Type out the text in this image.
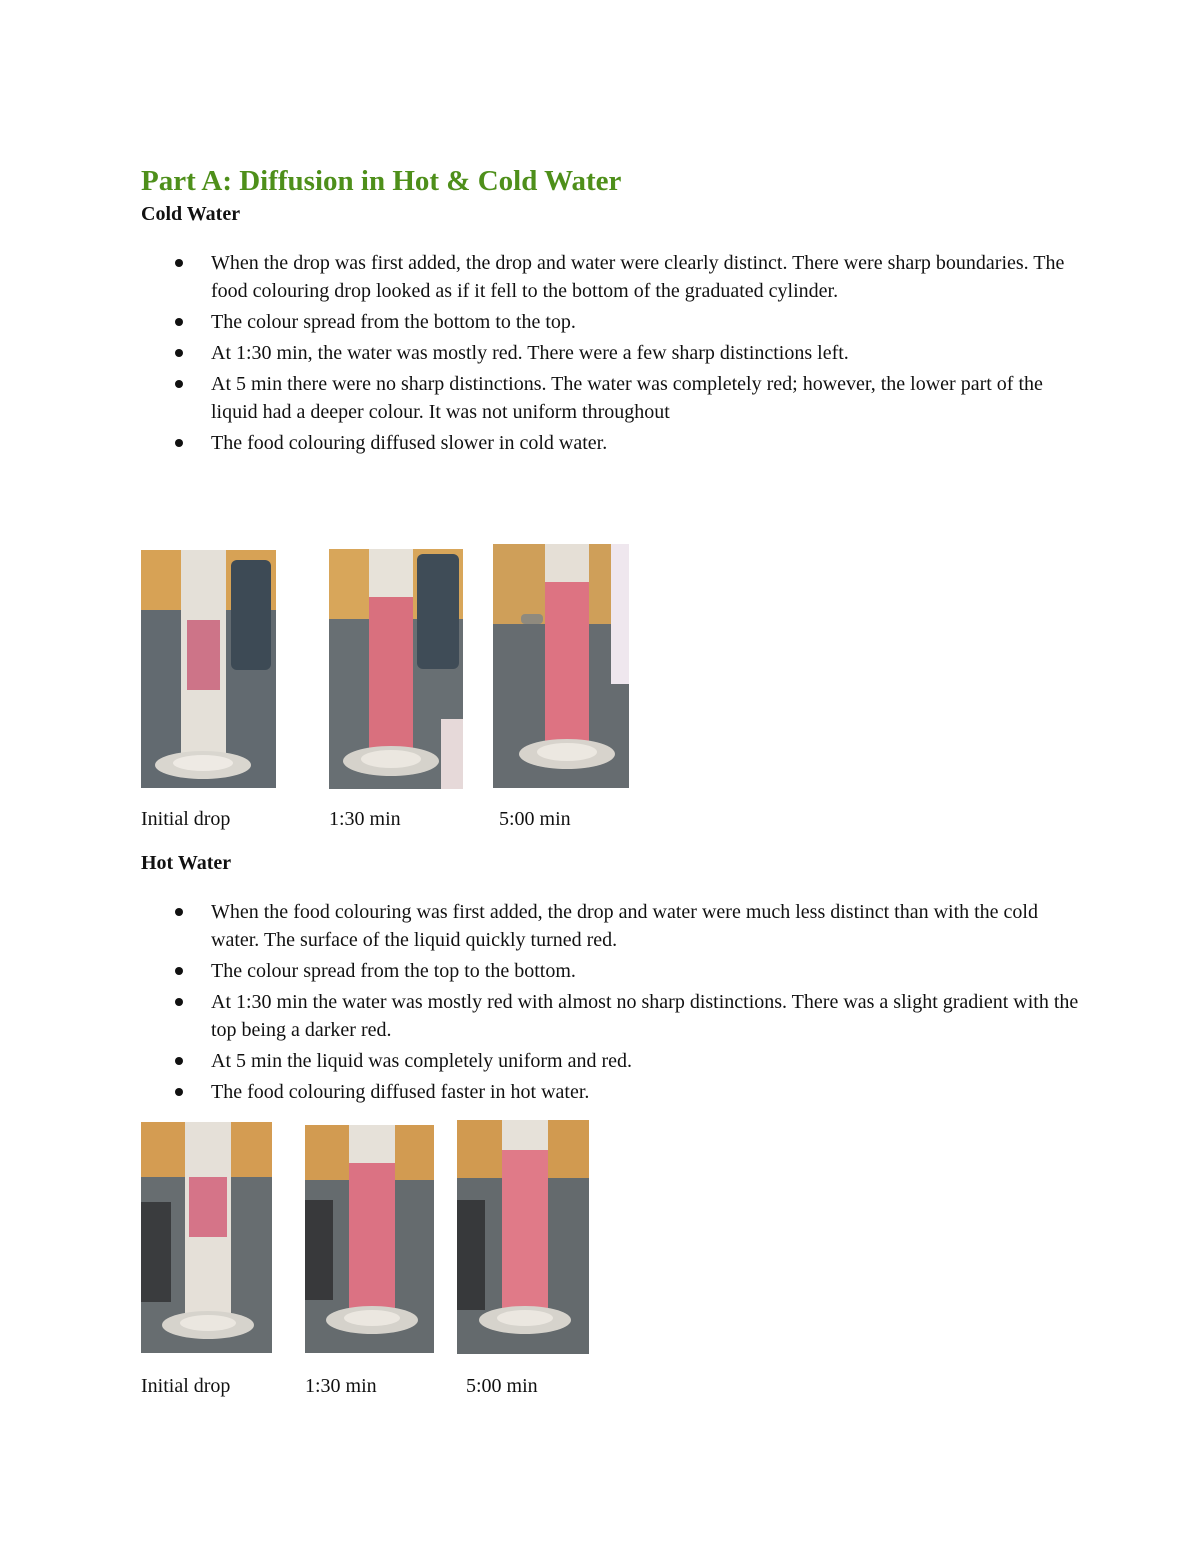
Part A: Diffusion in Hot & Cold Water
Cold Water
When the drop was first added, the drop and water were clearly distinct. There were sharp boundaries. The food colouring drop looked as if it fell to the bottom of the graduated cylinder.
The colour spread from the bottom to the top.
At 1:30 min, the water was mostly red. There were a few sharp distinctions left.
At 5 min there were no sharp distinctions. The water was completely red; however, the lower part of the liquid had a deeper colour. It was not uniform throughout
The food colouring diffused slower in cold water.
Initial drop	1:30 min	5:00 min
Hot Water
When the food colouring was first added, the drop and water were much less distinct than with the cold water. The surface of the liquid quickly turned red.
The colour spread from the top to the bottom.
At 1:30 min the water was mostly red with almost no sharp distinctions. There was a slight gradient with the top being a darker red.
At 5 min the liquid was completely uniform and red.
The food colouring diffused faster in hot water.
Initial drop	1:30 min	5:00 min
